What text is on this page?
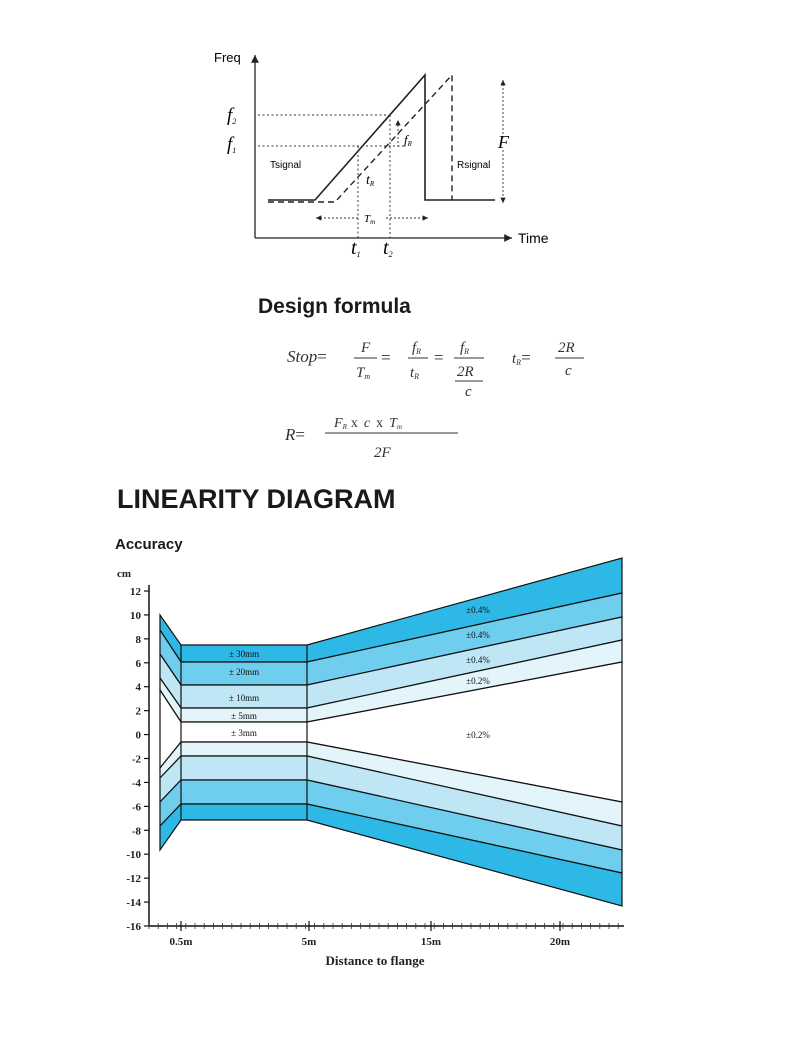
Freq
Time
f2
f1
fR	F
Tsignal	Rsignal
tR
Tm
t1 t2
Design formula
Stop= F
Tm
= fR
tR
= fR
2R
c
tR= 2R
c
R=
FR x c x Tm
2F
LINEARITY DIAGRAM
Accuracy
cm
12
10
8
6
4
2
0
-2
-4
-6
-8
-10
-12
-14
-16
0.5m	5m	15m	20m
Distance to flange
± 30mm
± 20mm
± 10mm
± 5mm
± 3mm
±0.4%
±0.4%
±0.4%
±0.2%
±0.2%
